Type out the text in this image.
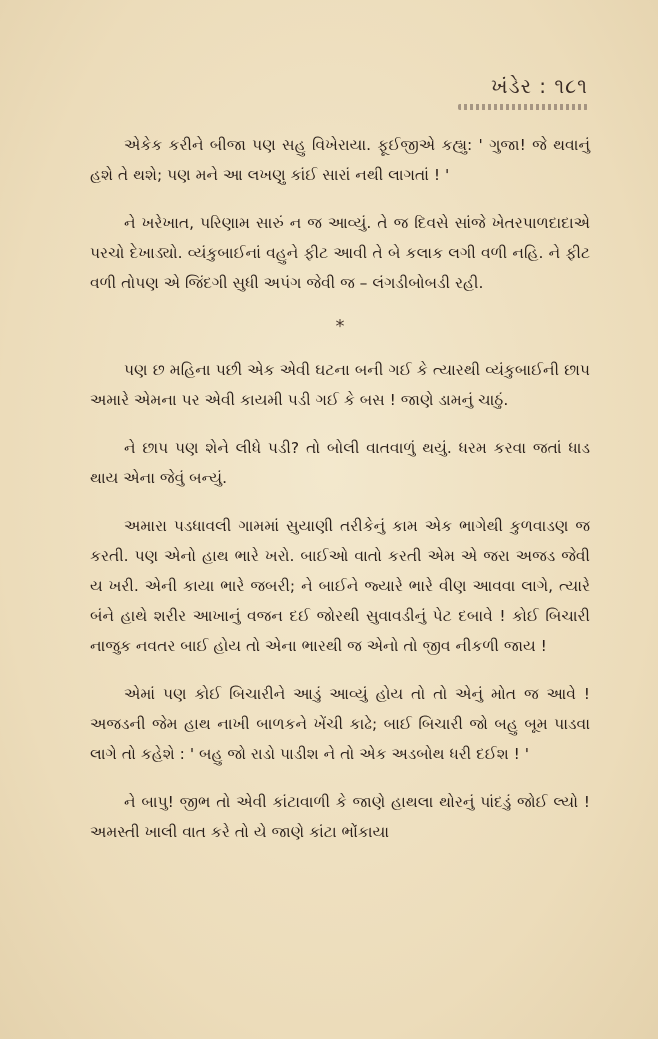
ખંડેર : ૧૮૧

એકેક કરીને બીજા પણ સહુ વિખેરાયા. ફૂઈજીએ કહ્યુ: ' ગુજા! જે થવાનું હશે તે થશે; પણ મને આ લખણુ કાંઈ સારાં નથી લાગતાં ! '

ને ખરેખાત, પરિણામ સારું ન જ આવ્યું. તે જ દિવસે સાંજે ખેતરપાળદાદાએ પરચો દેખાડ્યો. વ્યંકુબાઈનાં વહુને ફીટ આવી તે બે કલાક લગી વળી નહિ. ને ફીટ વળી તોપણ એ જિંદગી સુધી અપંગ જેવી જ – લંગડીબોબડી રહી.

*

પણ છ મહિના પછી એક એવી ઘટના બની ગઈ કે ત્યારથી વ્યંકુબાઈની છાપ અમારે એમના પર એવી કાયમી પડી ગઈ કે બસ ! જાણે ડામનું ચાઠું.

ને છાપ પણ શેને લીધે પડી? તો બોલી વાતવાળું થયું. ધરમ કરવા જતાં ધાડ થાય એના જેવું બન્યું.

અમારા પડધાવલી ગામમાં સુયાણી તરીકેનું કામ એક ભાગેથી કુળવાડણ જ કરતી. પણ એનો હાથ ભારે ખરો. બાઈઓ વાતો કરતી એમ એ જરા અજડ જેવી ય ખરી. એની કાયા ભારે જબરી; ને બાઈને જ્યારે ભારે વીણ આવવા લાગે, ત્યારે બંને હાથે શરીર આખાનું વજન દઈ જોરથી સુવાવડીનું પેટ દબાવે ! કોઈ બિચારી નાજુક નવતર બાઈ હોય તો એના ભારથી જ એનો તો જીવ નીકળી જાય !

એમાં પણ કોઈ બિચારીને આડું આવ્યું હોય તો તો એનું મોત જ આવે ! અજડની જેમ હાથ નાખી બાળકને ખેંચી કાઢે; બાઈ બિચારી જો બહુ બૂમ પાડવા લાગે તો કહેશે : ' બહુ જો રાડો પાડીશ ને તો એક અડબોથ ધરી દઈશ ! '

ને બાપુ! જીભ તો એવી કાંટાવાળી કે જાણે હાથલા થોરનું પાંદડું જોઈ લ્યો ! અમસ્તી ખાલી વાત કરે તો યે જાણે કાંટા ભોંકાયા
